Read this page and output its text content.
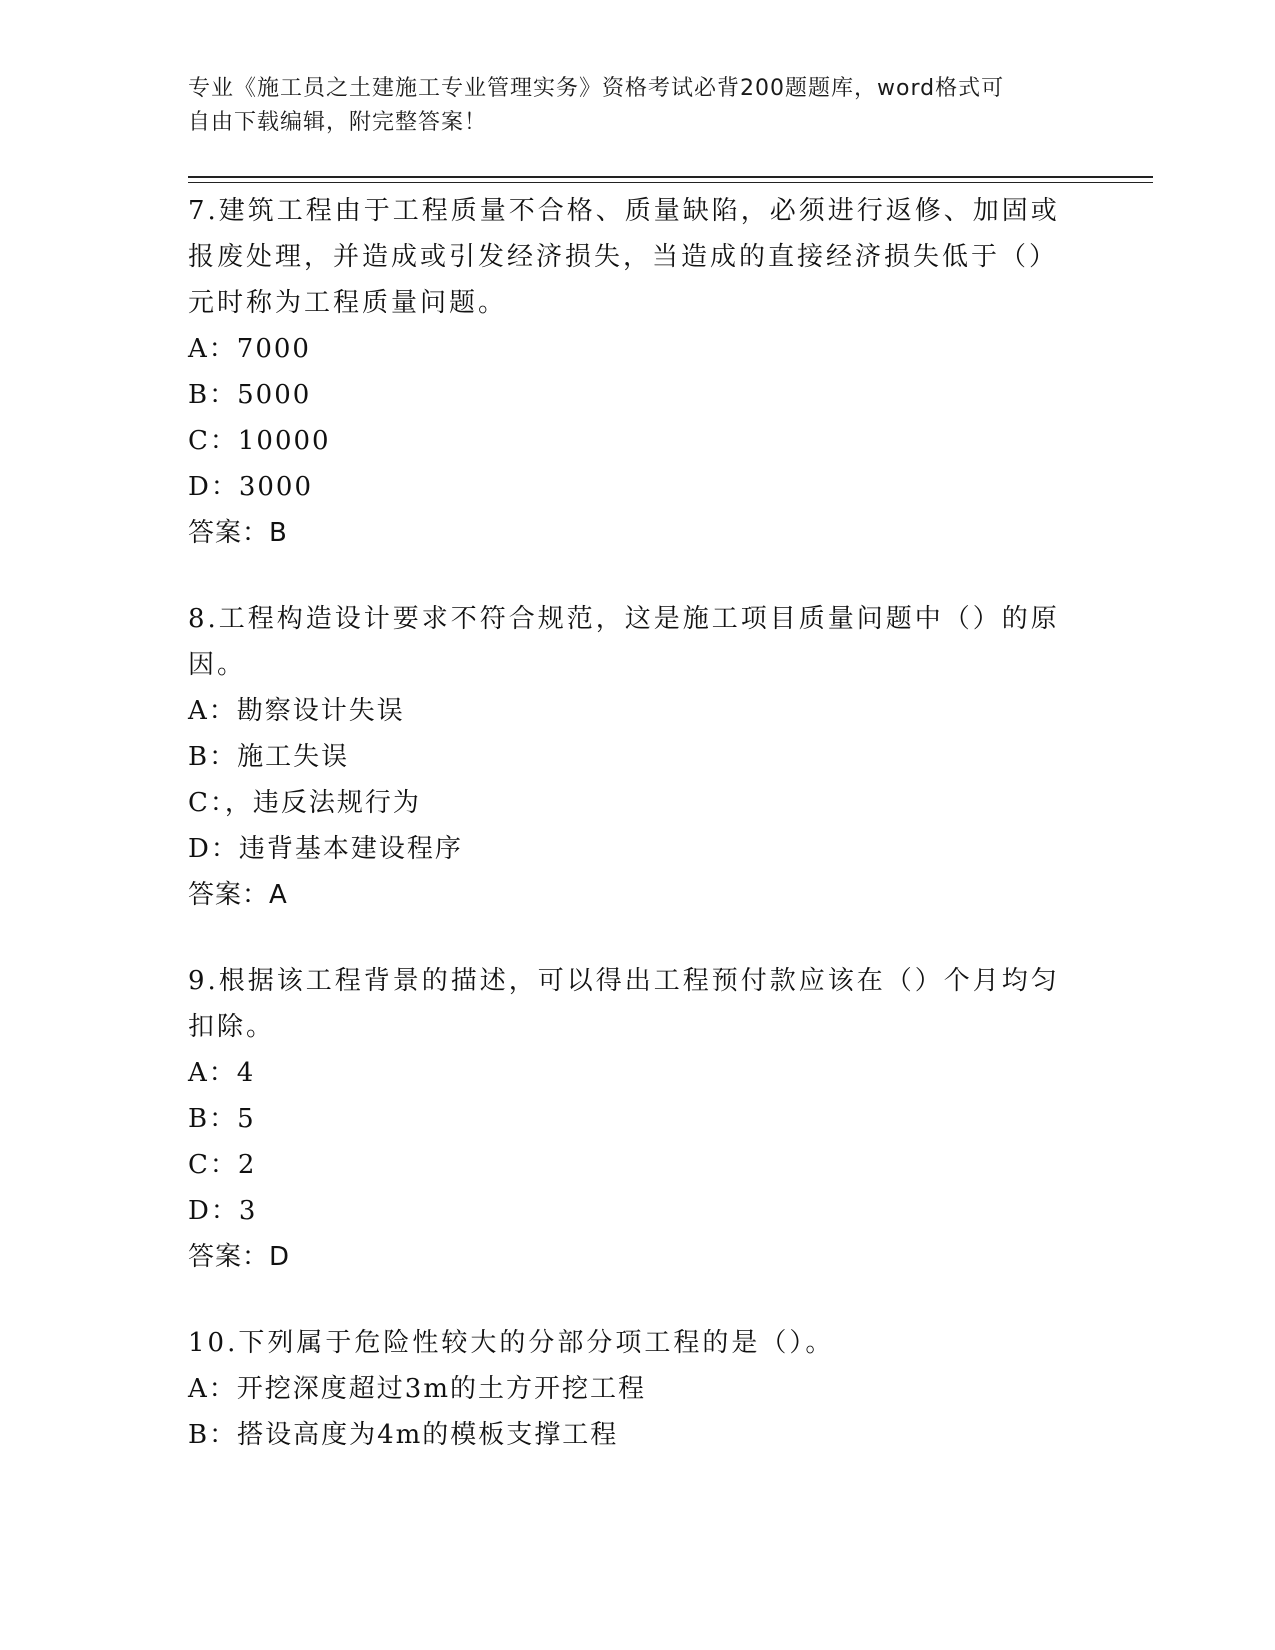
专业《施工员之土建施工专业管理实务》资格考试必背200题题库，word格式可
自由下载编辑，附完整答案！

7.建筑工程由于工程质量不合格、质量缺陷，必须进行返修、加固或报废处理，并造成或引发经济损失，当造成的直接经济损失低于（）元时称为工程质量问题。

A：7000

B：5000

C：10000

D：3000

答案：B

8.工程构造设计要求不符合规范，这是施工项目质量问题中（）的原因。

A：勘察设计失误

B：施工失误

C：，违反法规行为

D：违背基本建设程序

答案：A

9.根据该工程背景的描述，可以得出工程预付款应该在（）个月均匀扣除。

A：4

B：5

C：2

D：3

答案：D

10.下列属于危险性较大的分部分项工程的是（）。

A：开挖深度超过3m的土方开挖工程

B：搭设高度为4m的模板支撑工程
